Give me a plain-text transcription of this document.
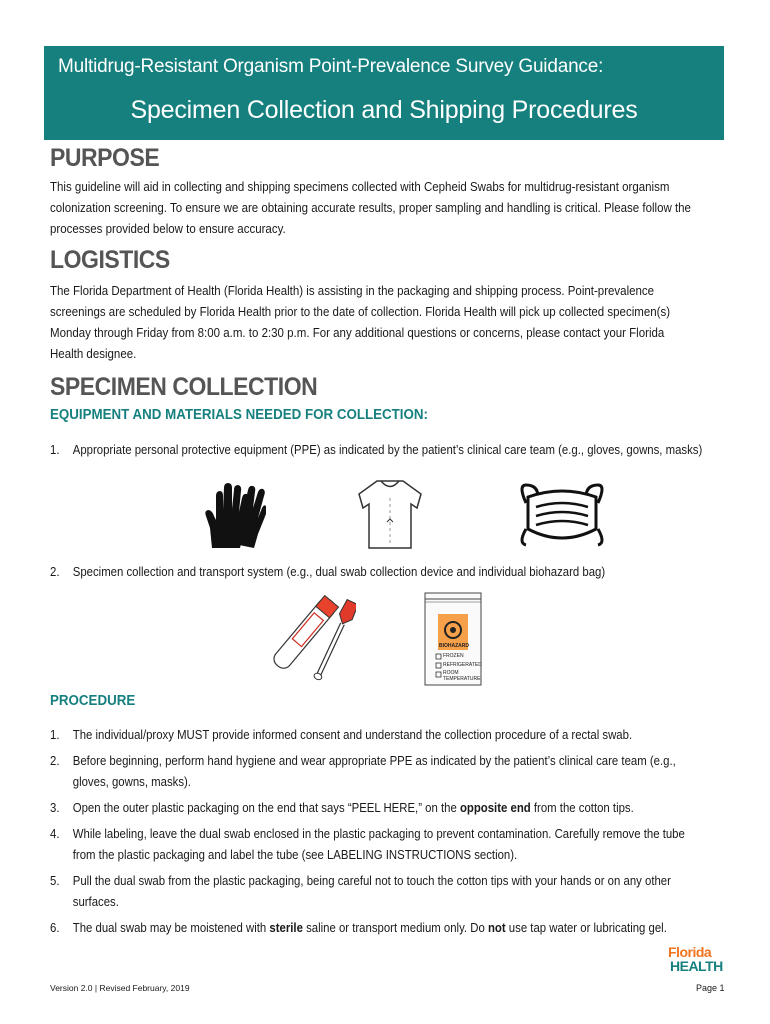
Multidrug-Resistant Organism Point-Prevalence Survey Guidance:
Specimen Collection and Shipping Procedures
PURPOSE
This guideline will aid in collecting and shipping specimens collected with Cepheid Swabs for multidrug-resistant organism colonization screening. To ensure we are obtaining accurate results, proper sampling and handling is critical. Please follow the processes provided below to ensure accuracy.
LOGISTICS
The Florida Department of Health (Florida Health) is assisting in the packaging and shipping process. Point-prevalence screenings are scheduled by Florida Health prior to the date of collection. Florida Health will pick up collected specimen(s) Monday through Friday from 8:00 a.m. to 2:30 p.m. For any additional questions or concerns, please contact your Florida Health designee.
SPECIMEN COLLECTION
EQUIPMENT AND MATERIALS NEEDED FOR COLLECTION:
1. Appropriate personal protective equipment (PPE) as indicated by the patient’s clinical care team (e.g., gloves, gowns, masks)
2. Specimen collection and transport system (e.g., dual swab collection device and individual biohazard bag)
BIOHAZARD
FROZEN
REFRIGERATED
ROOM TEMPERATURE
PROCEDURE
1. The individual/proxy MUST provide informed consent and understand the collection procedure of a rectal swab.
2. Before beginning, perform hand hygiene and wear appropriate PPE as indicated by the patient’s clinical care team (e.g., gloves, gowns, masks).
3. Open the outer plastic packaging on the end that says “PEEL HERE,” on the opposite end from the cotton tips.
4. While labeling, leave the dual swab enclosed in the plastic packaging to prevent contamination. Carefully remove the tube from the plastic packaging and label the tube (see LABELING INSTRUCTIONS section).
5. Pull the dual swab from the plastic packaging, being careful not to touch the cotton tips with your hands or on any other surfaces.
6. The dual swab may be moistened with sterile saline or transport medium only. Do not use tap water or lubricating gel.
Florida
HEALTH
Version 2.0 | Revised February, 2019	Page 1
